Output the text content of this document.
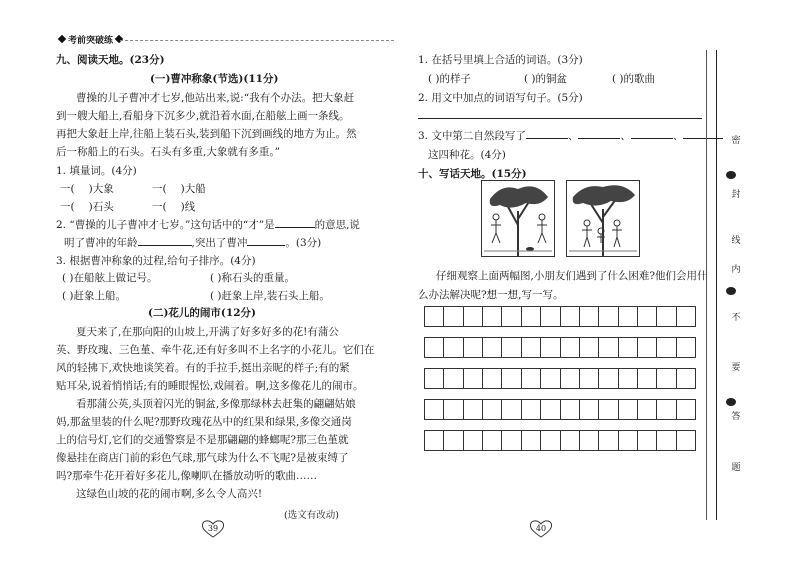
考前突破练
九、阅读天地。(23分)
(一)曹冲称象(节选)(11分)
曹操的儿子曹冲才七岁,他站出来,说:“我有个办法。把大象赶
到一艘大船上,看船身下沉多少,就沿着水面,在船舷上画一条线。
再把大象赶上岸,往船上装石头,装到船下沉到画线的地方为止。然
后一称船上的石头。石头有多重,大象就有多重。”
1. 填量词。(4分)
一( )大象	一( )大船
一( )石头	一( )线
2. “曹操的儿子曹冲才七岁。”这句话中的“才”是	的意思,说
明了曹冲的年龄	,突出了曹冲	。(3分)
3. 根据曹冲称象的过程,给句子排序。(4分)
( )在船舷上做记号。	( )称石头的重量。
( )赶象上船。	( )赶象上岸,装石头上船。
(二)花儿的闹市(12分)
夏天来了,在那向阳的山坡上,开满了好多好多的花!有蒲公
英、野玫瑰、三色堇、牵牛花,还有好多叫不上名字的小花儿。它们在
风的轻拂下,欢快地谈笑着。有的手拉手,挺出亲昵的样子;有的紧
贴耳朵,说着悄悄话;有的睡眼惺忪,戏闹着。啊,这多像花儿的闹市。
看那蒲公英,头顶着闪光的铜盆,多像那绿林去赶集的翩翩姑娘
妈,那盆里装的什么呢?那野玫瑰花丛中的红果和绿果,多像交通岗
上的信号灯,它们的交通警察是不是那翩翩的蜂螂呢?那三色堇就
像悬挂在商店门前的彩色气球,那气球为什么不飞呢?是被束缚了
吗?那牵牛花开着好多花儿,像喇叭在播放动听的歌曲……
这绿色山坡的花的闹市啊,多么令人高兴!
(选文有改动)
39
1. 在括号里填上合适的词语。(3分)
( )的样子	( )的铜盆	( )的歌曲
2. 用文中加点的词语写句子。(5分)
3. 文中第二自然段写了	、	、	、
这四种花。(4分)
十、写话天地。(15分)
仔细观察上面两幅图,小朋友们遇到了什么困难?他们会用什
么办法解决呢?想一想,写一写。
40
密
封
线
内
不
要
答
题
